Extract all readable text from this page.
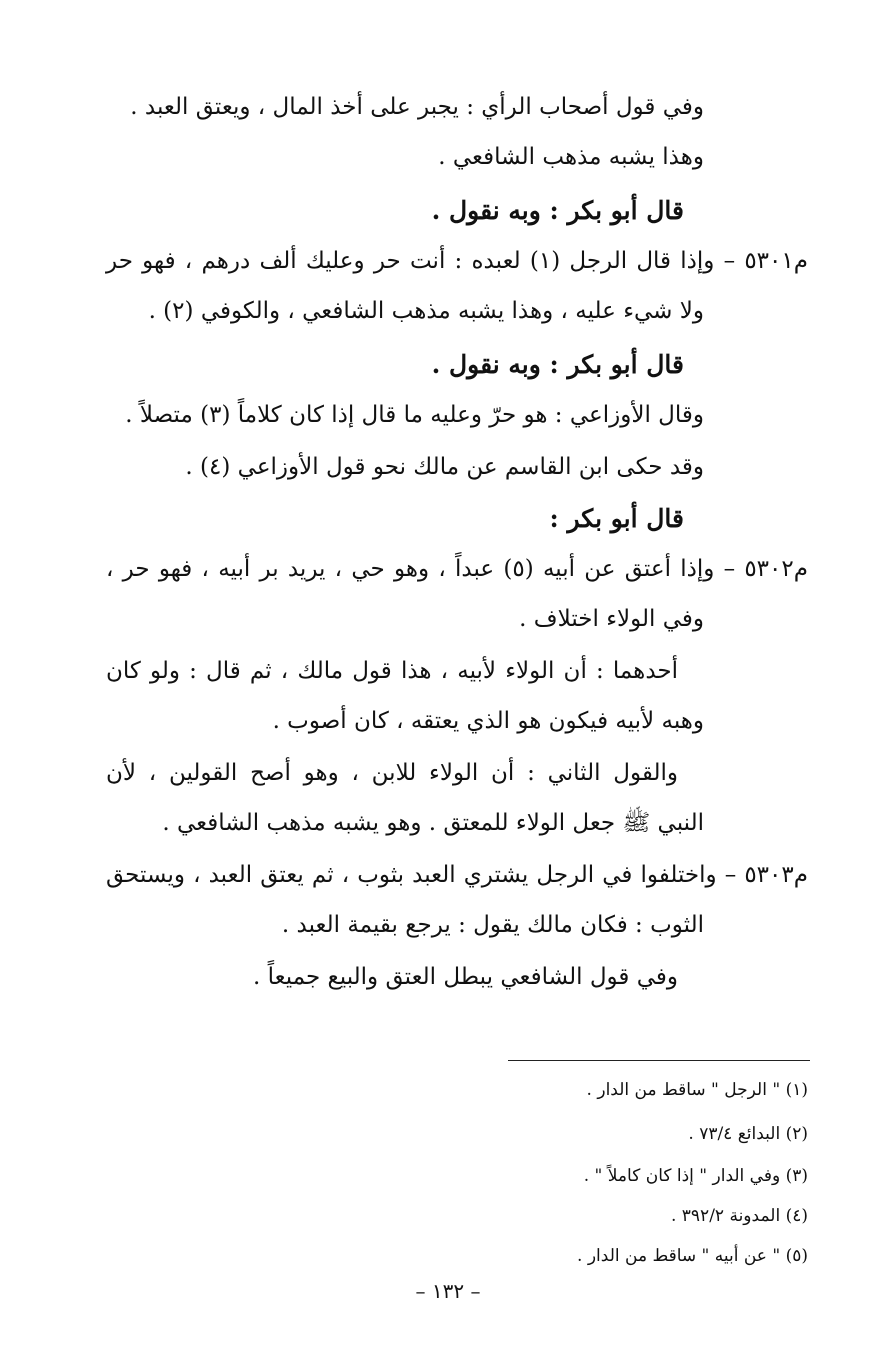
وفي قول أصحاب الرأي : يجبر على أخذ المال ، ويعتق العبد .
وهذا يشبه مذهب الشافعي .
قال أبو بكر : وبه نقول .
م٥٣٠١ – وإذا قال الرجل (١) لعبده : أنت حر وعليك ألف درهم ، فهو حر
ولا شيء عليه ، وهذا يشبه مذهب الشافعي ، والكوفي (٢) .
قال أبو بكر : وبه نقول .
وقال الأوزاعي : هو حرّ وعليه ما قال إذا كان كلاماً (٣) متصلاً .
وقد حكى ابن القاسم عن مالك نحو قول الأوزاعي (٤) .
قال أبو بكر :
م٥٣٠٢ – وإذا أعتق عن أبيه (٥) عبداً ، وهو حي ، يريد بر أبيه ، فهو حر ،
وفي الولاء اختلاف .
أحدهما : أن الولاء لأبيه ، هذا قول مالك ، ثم قال : ولو كان
وهبه لأبيه فيكون هو الذي يعتقه ، كان أصوب .
والقول الثاني : أن الولاء للابن ، وهو أصح القولين ، لأن
النبي ﷺ جعل الولاء للمعتق . وهو يشبه مذهب الشافعي .
م٥٣٠٣ – واختلفوا في الرجل يشتري العبد بثوب ، ثم يعتق العبد ، ويستحق
الثوب : فكان مالك يقول : يرجع بقيمة العبد .
وفي قول الشافعي يبطل العتق والبيع جميعاً .
(١) " الرجل " ساقط من الدار .
(٢) البدائع ٧٣/٤ .
(٣) وفي الدار " إذا كان كاملاً " .
(٤) المدونة ٣٩٢/٢ .
(٥) " عن أبيه " ساقط من الدار .
– ١٣٢ –
